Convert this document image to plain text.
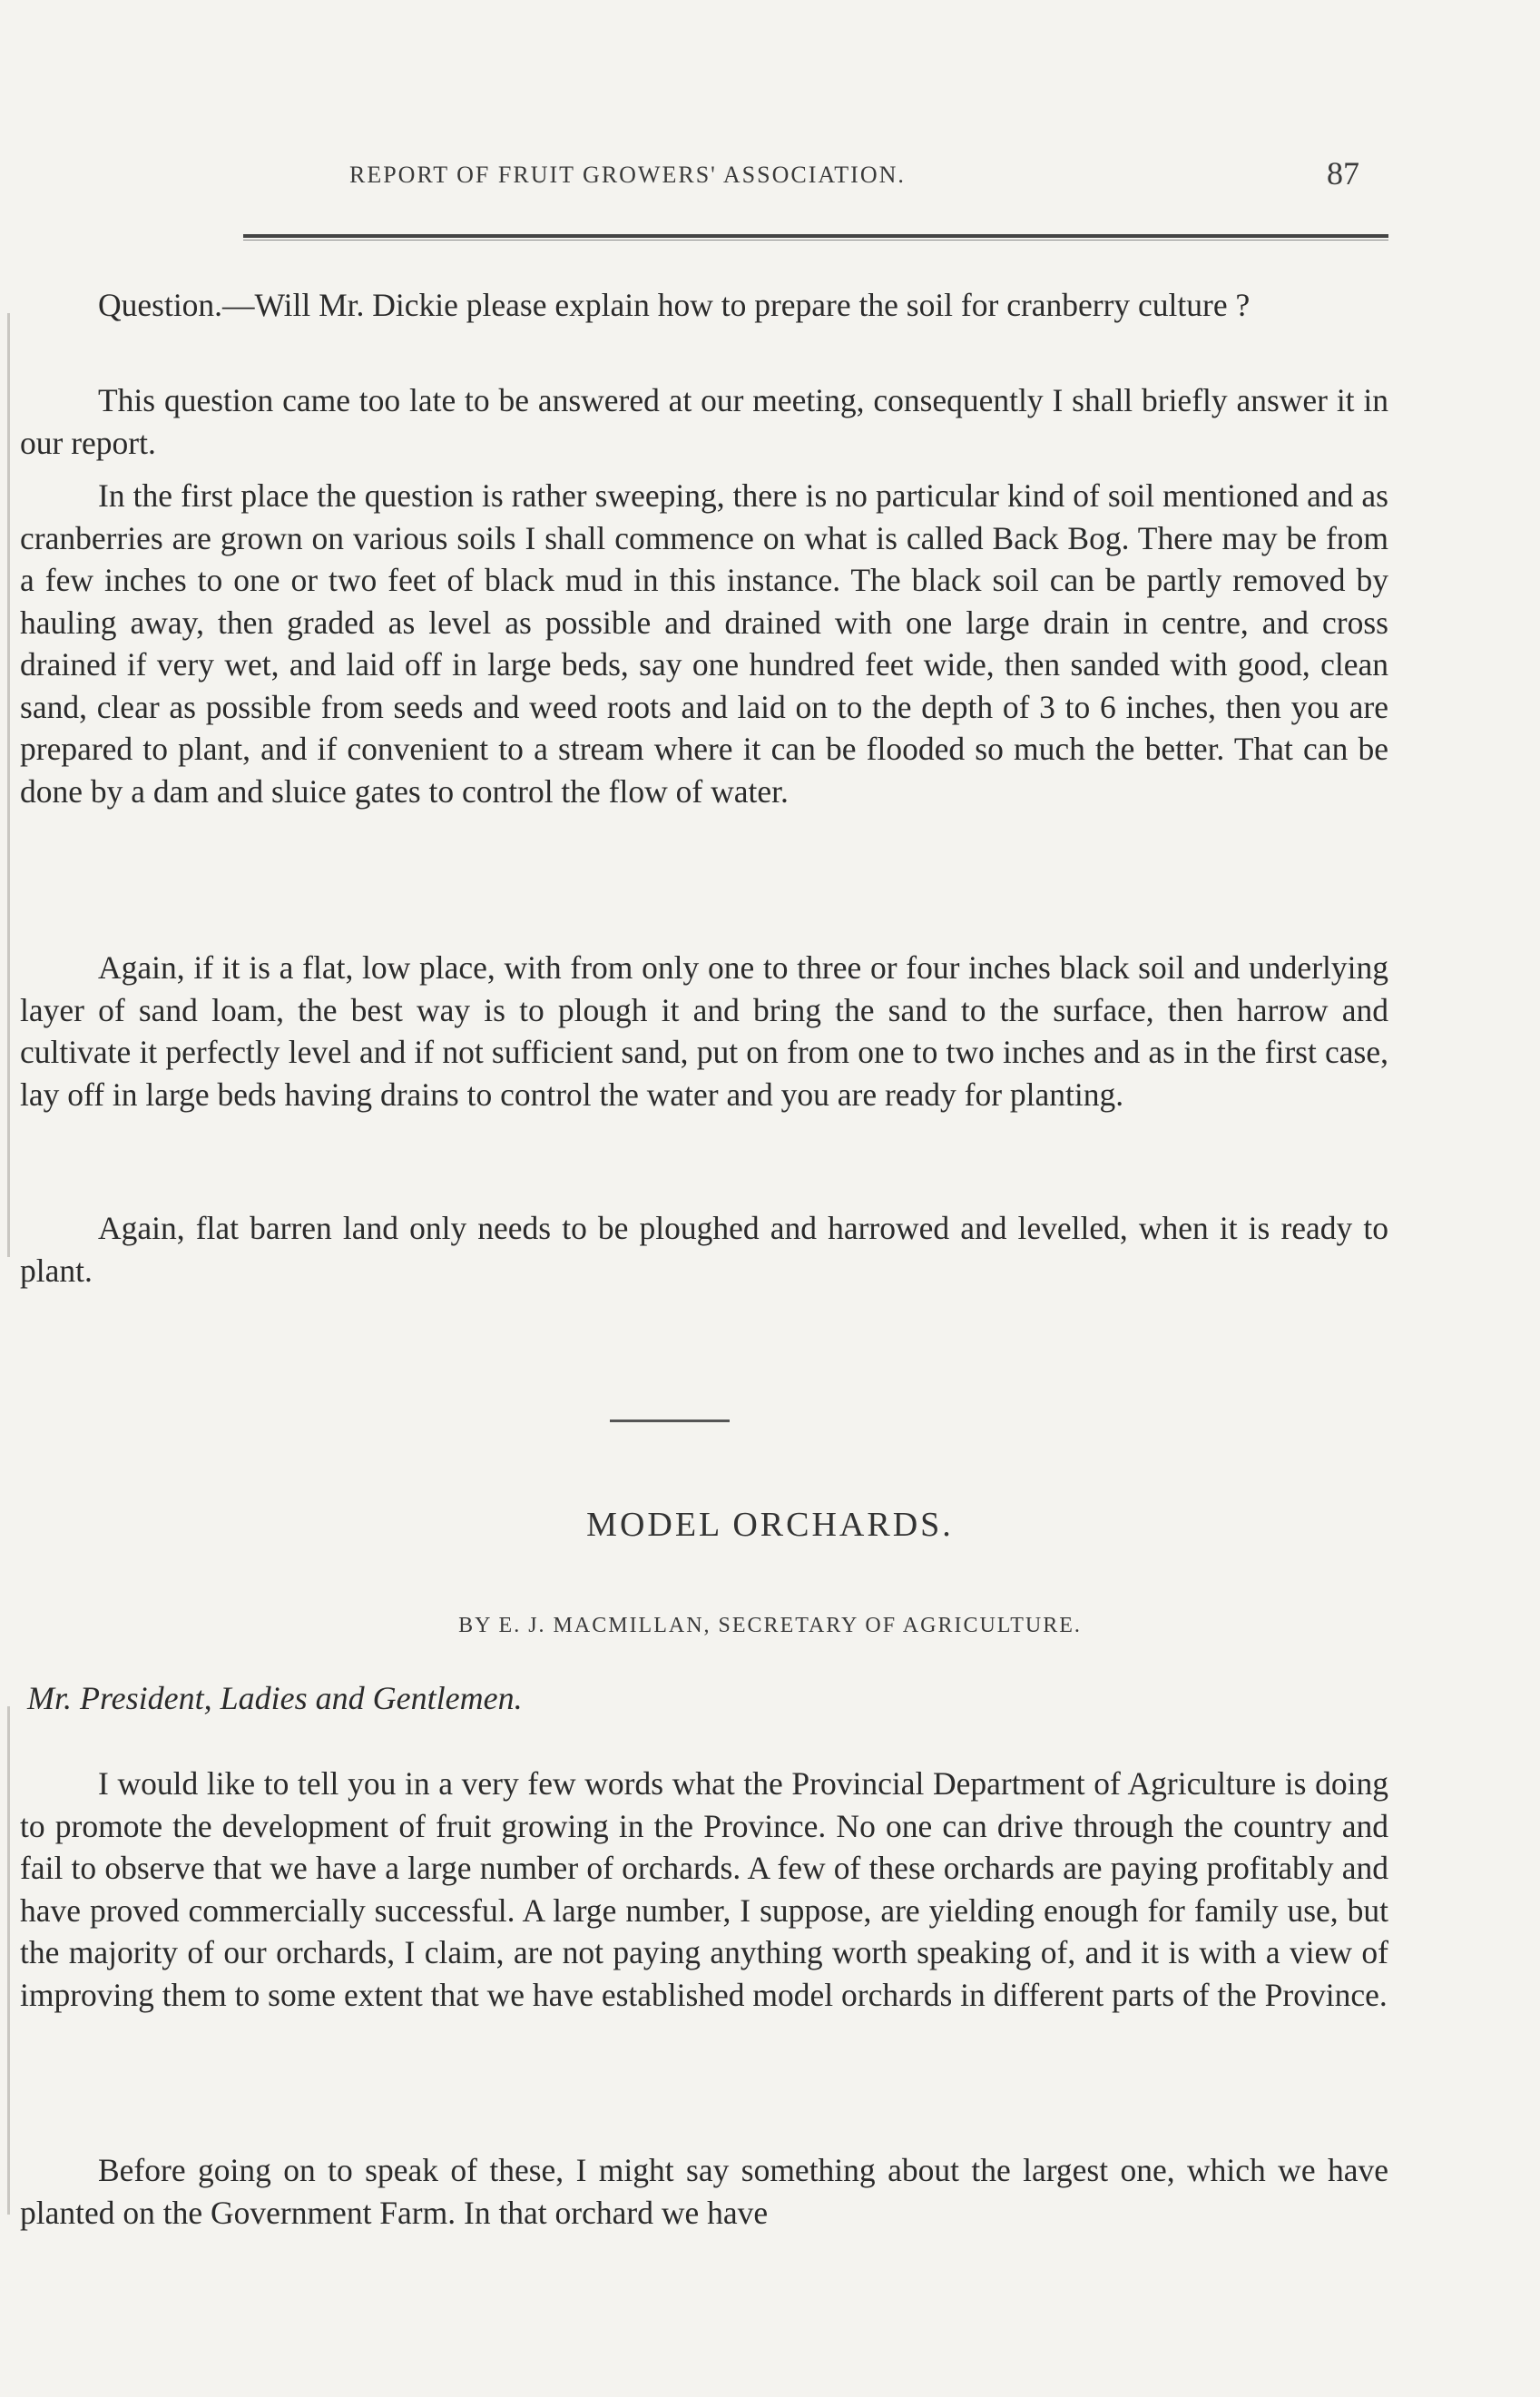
REPORT OF FRUIT GROWERS' ASSOCIATION.	87

Question.—Will Mr. Dickie please explain how to prepare the soil for cranberry culture ?

This question came too late to be answered at our meeting, consequently I shall briefly answer it in our report.

In the first place the question is rather sweeping, there is no particular kind of soil mentioned and as cranberries are grown on various soils I shall commence on what is called Back Bog. There may be from a few inches to one or two feet of black mud in this instance. The black soil can be partly removed by hauling away, then graded as level as possible and drained with one large drain in centre, and cross drained if very wet, and laid off in large beds, say one hundred feet wide, then sanded with good, clean sand, clear as possible from seeds and weed roots and laid on to the depth of 3 to 6 inches, then you are prepared to plant, and if convenient to a stream where it can be flooded so much the better. That can be done by a dam and sluice gates to control the flow of water.

Again, if it is a flat, low place, with from only one to three or four inches black soil and underlying layer of sand loam, the best way is to plough it and bring the sand to the surface, then harrow and cultivate it perfectly level and if not sufficient sand, put on from one to two inches and as in the first case, lay off in large beds having drains to control the water and you are ready for planting.

Again, flat barren land only needs to be ploughed and harrowed and levelled, when it is ready to plant.

MODEL ORCHARDS.
BY E. J. MACMILLAN, SECRETARY OF AGRICULTURE.
Mr. President, Ladies and Gentlemen.

I would like to tell you in a very few words what the Provincial Department of Agriculture is doing to promote the development of fruit growing in the Province. No one can drive through the country and fail to observe that we have a large number of orchards. A few of these orchards are paying profitably and have proved commercially successful. A large number, I suppose, are yielding enough for family use, but the majority of our orchards, I claim, are not paying anything worth speaking of, and it is with a view of improving them to some extent that we have established model orchards in different parts of the Province.

Before going on to speak of these, I might say something about the largest one, which we have planted on the Government Farm. In that orchard we have
